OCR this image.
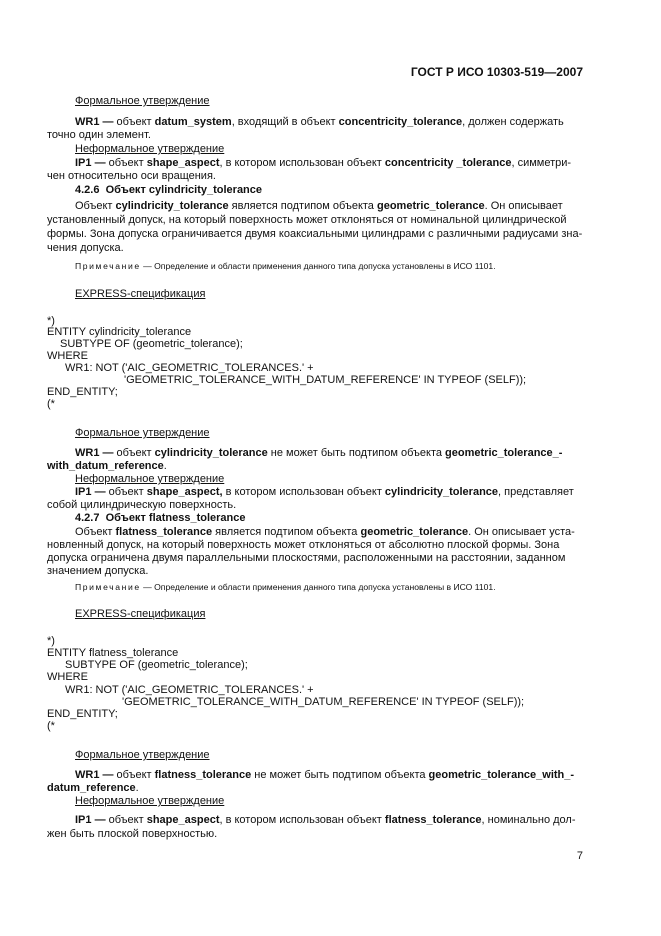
ГОСТ Р ИСО 10303-519—2007

Формальное утверждение

WR1 — объект datum_system, входящий в объект concentricity_tolerance, должен содержать

точно один элемент.

Неформальное утверждение

IP1 — объект shape_aspect, в котором использован объект concentricity _tolerance, симметри-

чен относительно оси вращения.

4.2.6 Объект cylindricity_tolerance

Объект cylindricity_tolerance является подтипом объекта geometric_tolerance. Он описывает

установленный допуск, на который поверхность может отклоняться от номинальной цилиндрической

формы. Зона допуска ограничивается двумя коаксиальными цилиндрами с различными радиусами зна-

чения допуска.

Примечание — Определение и области применения данного типа допуска установлены в ИСО 1101.

EXPRESS-спецификация

*)

ENTITY cylindricity_tolerance

SUBTYPE OF (geometric_tolerance);

WHERE

WR1: NOT ('AIC_GEOMETRIC_TOLERANCES.' +

'GEOMETRIC_TOLERANCE_WITH_DATUM_REFERENCE' IN TYPEOF (SELF));

END_ENTITY;

(*

Формальное утверждение

WR1 — объект cylindricity_tolerance не может быть подтипом объекта geometric_tolerance_-

with_datum_reference.

Неформальное утверждение

IP1 — объект shape_aspect, в котором использован объект cylindricity_tolerance, представляет

собой цилиндрическую поверхность.

4.2.7 Объект flatness_tolerance

Объект flatness_tolerance является подтипом объекта geometric_tolerance. Он описывает уста-

новленный допуск, на который поверхность может отклоняться от абсолютно плоской формы. Зона

допуска ограничена двумя параллельными плоскостями, расположенными на расстоянии, заданном

значением допуска.

Примечание — Определение и области применения данного типа допуска установлены в ИСО 1101.

EXPRESS-спецификация

*)

ENTITY flatness_tolerance

SUBTYPE OF (geometric_tolerance);

WHERE

WR1: NOT ('AIC_GEOMETRIC_TOLERANCES.' +

'GEOMETRIC_TOLERANCE_WITH_DATUM_REFERENCE' IN TYPEOF (SELF));

END_ENTITY;

(*

Формальное утверждение

WR1 — объект flatness_tolerance не может быть подтипом объекта geometric_tolerance_with_-

datum_reference.

Неформальное утверждение

IP1 — объект shape_aspect, в котором использован объект flatness_tolerance, номинально дол-

жен быть плоской поверхностью.

7
